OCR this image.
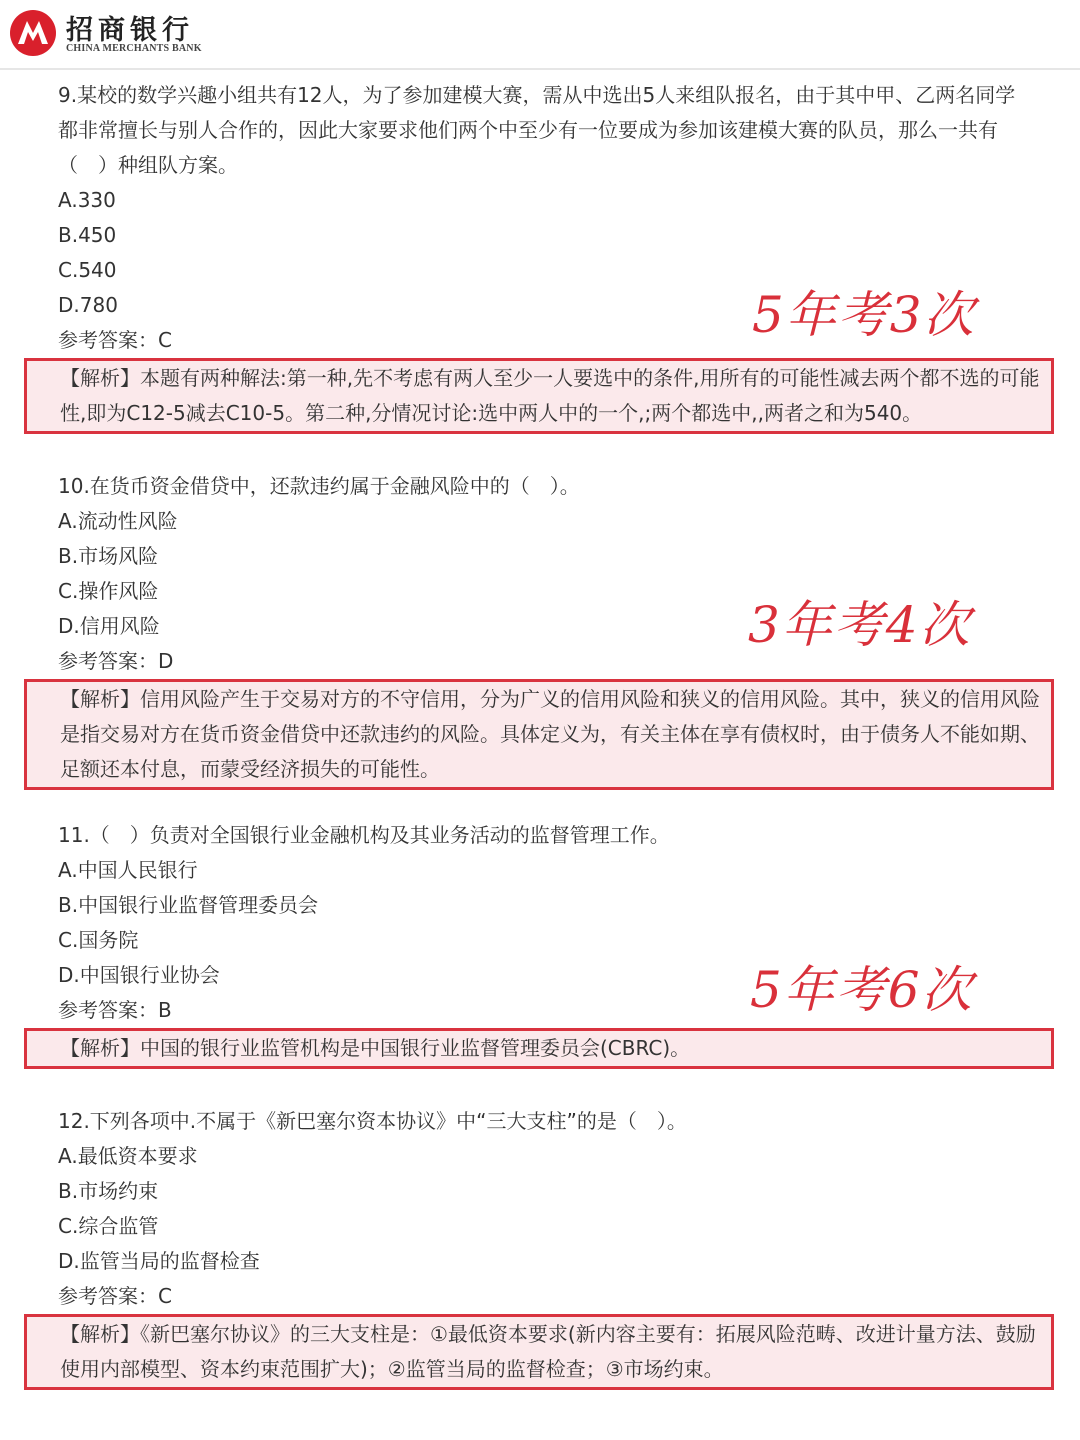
招商银行
CHINA MERCHANTS BANK
9.某校的数学兴趣小组共有12人，为了参加建模大赛，需从中选出5人来组队报名，由于其中甲、乙两名同学都非常擅长与别人合作的，因此大家要求他们两个中至少有一位要成为参加该建模大赛的队员，那么一共有（　）种组队方案。
A.330
B.450
C.540
D.780
参考答案：C
【解析】本题有两种解法:第一种,先不考虑有两人至少一人要选中的条件,用所有的可能性减去两个都不选的可能性,即为C12-5减去C10-5。第二种,分情况讨论:选中两人中的一个,;两个都选中,,两者之和为540。
10.在货币资金借贷中，还款违约属于金融风险中的（　）。
A.流动性风险
B.市场风险
C.操作风险
D.信用风险
参考答案：D
【解析】信用风险产生于交易对方的不守信用，分为广义的信用风险和狭义的信用风险。其中，狭义的信用风险是指交易对方在货币资金借贷中还款违约的风险。具体定义为，有关主体在享有债权时，由于债务人不能如期、足额还本付息，而蒙受经济损失的可能性。
11.（　）负责对全国银行业金融机构及其业务活动的监督管理工作。
A.中国人民银行
B.中国银行业监督管理委员会
C.国务院
D.中国银行业协会
参考答案：B
【解析】中国的银行业监管机构是中国银行业监督管理委员会(CBRC)。
12.下列各项中.不属于《新巴塞尔资本协议》中“三大支柱”的是（　）。
A.最低资本要求
B.市场约束
C.综合监管
D.监管当局的监督检查
参考答案：C
【解析】《新巴塞尔协议》的三大支柱是：①最低资本要求(新内容主要有：拓展风险范畴、改进计量方法、鼓励使用内部模型、资本约束范围扩大)；②监管当局的监督检查；③市场约束。
5年考3次
3年考4次
5年考6次
